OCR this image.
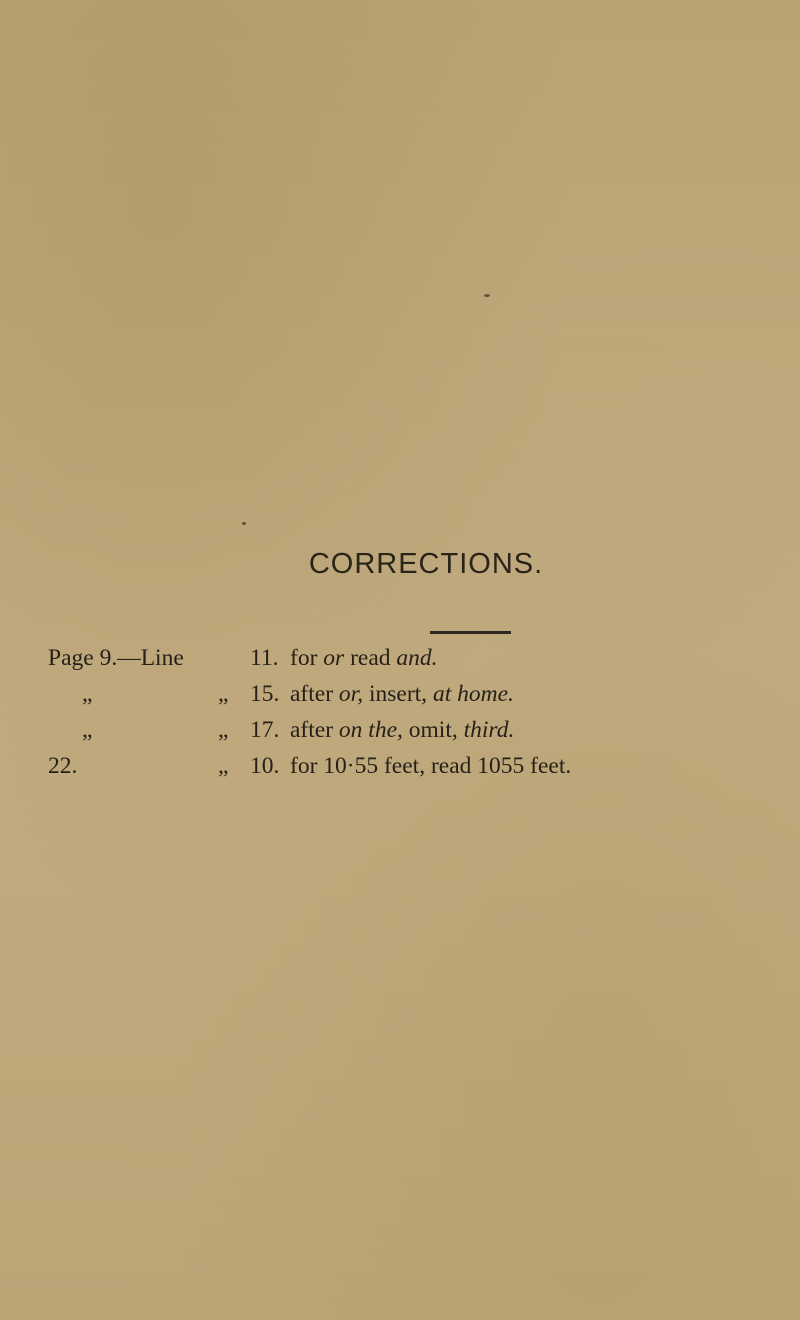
CORRECTIONS.
Page 9.—Line	11. for or read and.
„	„ 15. after or, insert, at home.
„	„ 17. after on the, omit, third.
22.	„ 10. for 10·55 feet, read 1055 feet.
